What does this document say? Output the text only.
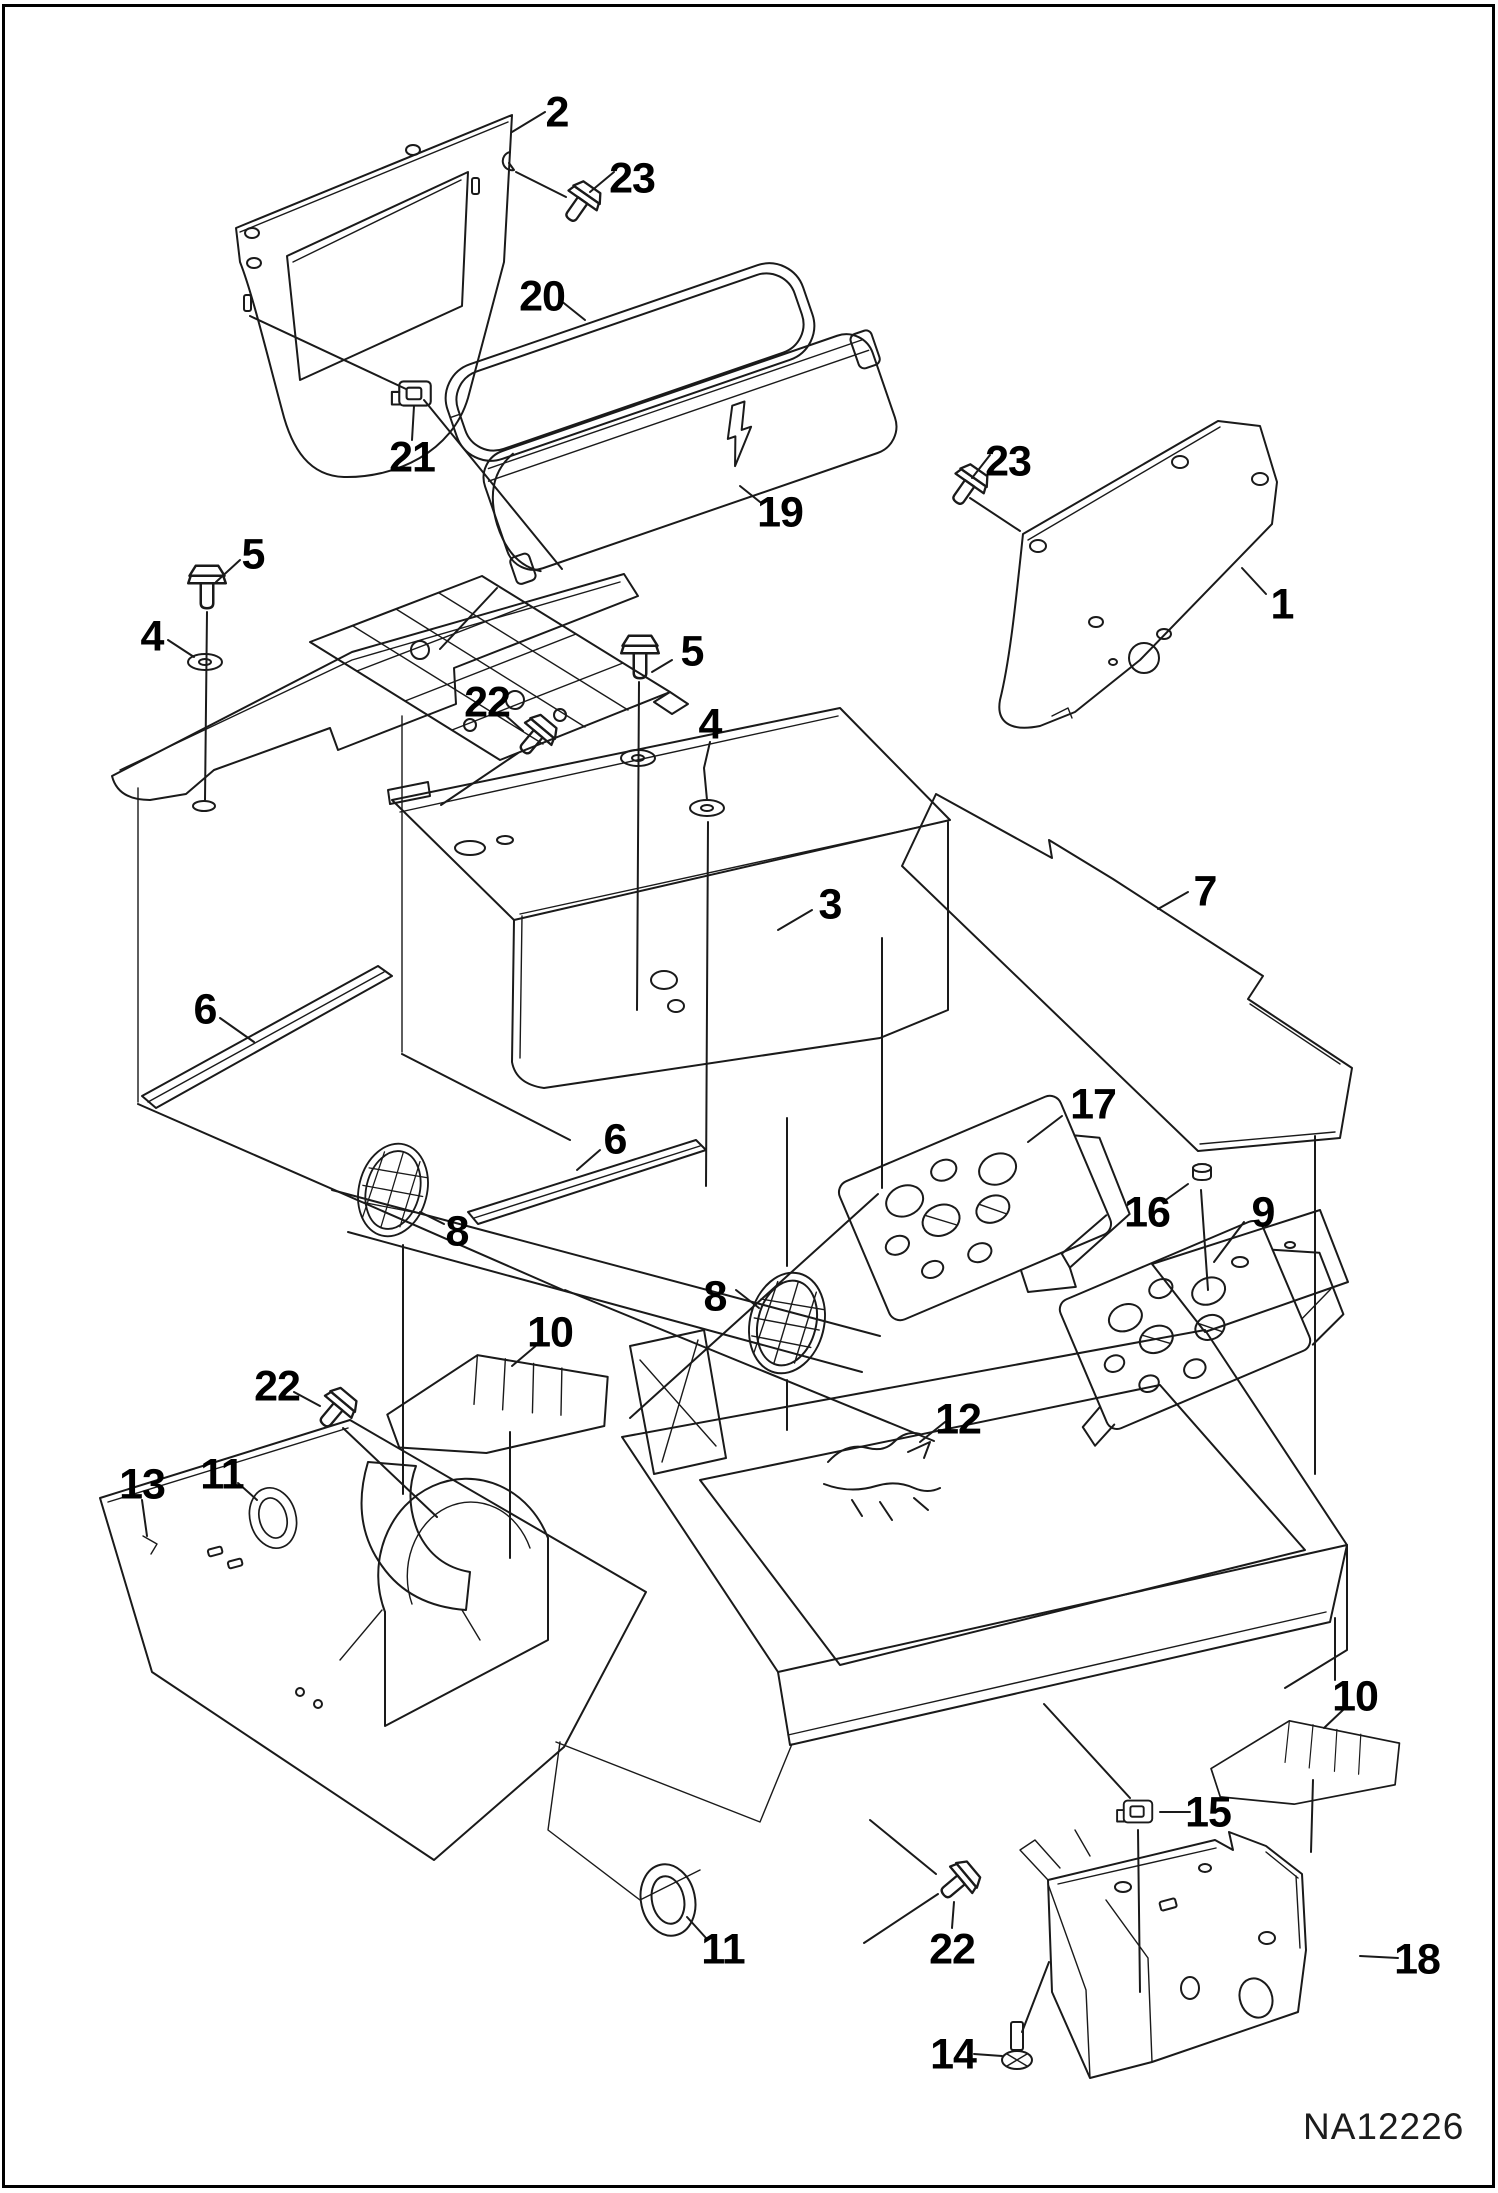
2
23
20
21
19
23
1
5
4
22
5
4
3	7
6
6
17
16 9
8
8
10
22
11
13
12
10
15
11	22
14
18
NA12226
